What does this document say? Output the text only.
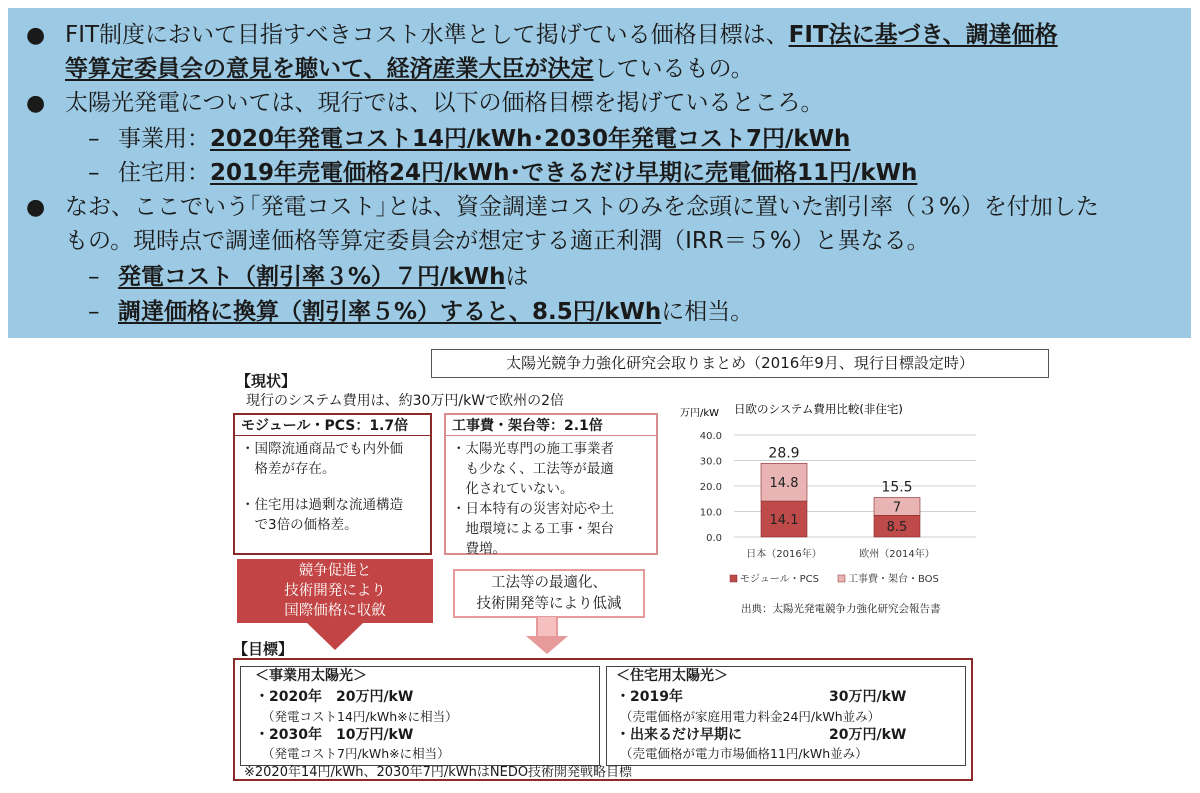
● FIT制度において目指すべきコスト水準として掲げている価格目標は、FIT法に基づき、調達価格
等算定委員会の意見を聴いて、経済産業大臣が決定しているもの。
● 太陽光発電については、現行では、以下の価格目標を掲げているところ。
– 事業用：2020年発電コスト14円/kWh･2030年発電コスト7円/kWh
– 住宅用：2019年売電価格24円/kWh･できるだけ早期に売電価格11円/kWh
● なお、ここでいう｢発電コスト｣とは、資金調達コストのみを念頭に置いた割引率（３%）を付加した
もの。現時点で調達価格等算定委員会が想定する適正利潤（IRR＝５%）と異なる。
– 発電コスト（割引率３%）７円/kWhは
– 調達価格に換算（割引率５%）すると、8.5円/kWhに相当。
太陽光競争力強化研究会取りまとめ（2016年9月、現行目標設定時）
【現状】
現行のシステム費用は、約30万円/kWで欧州の2倍
モジュール・PCS：1.7倍
・国際流通商品でも内外価
　格差が存在。
・住宅用は過剰な流通構造
　で3倍の価格差。
工事費・架台等：2.1倍
・太陽光専門の施工事業者
　も少なく、工法等が最適
　化されていない。
・日本特有の災害対応や土
　地環境による工事・架台
　費増。
競争促進と
技術開発により
国際価格に収斂
工法等の最適化、
技術開発等により低減
万円/kW 日欧のシステム費用比較(非住宅)
0.0
10.0
20.0
30.0
40.0
14.1
14.8
28.9
8.5
7
15.5
日本（2016年）	欧州（2014年）
モジュール・PCS	工事費・架台・BOS
出典：太陽光発電競争力強化研究会報告書
【目標】
＜事業用太陽光＞
・2020年　20万円/kW
（発電コスト14円/kWh※に相当）
・2030年　10万円/kW
（発電コスト7円/kWh※に相当）
＜住宅用太陽光＞
・2019年	30万円/kW
（売電価格が家庭用電力料金24円/kWh並み）
・出来るだけ早期に	20万円/kW
（売電価格が電力市場価格11円/kWh並み）
※2020年14円/kWh、2030年7円/kWhはNEDO技術開発戦略目標
